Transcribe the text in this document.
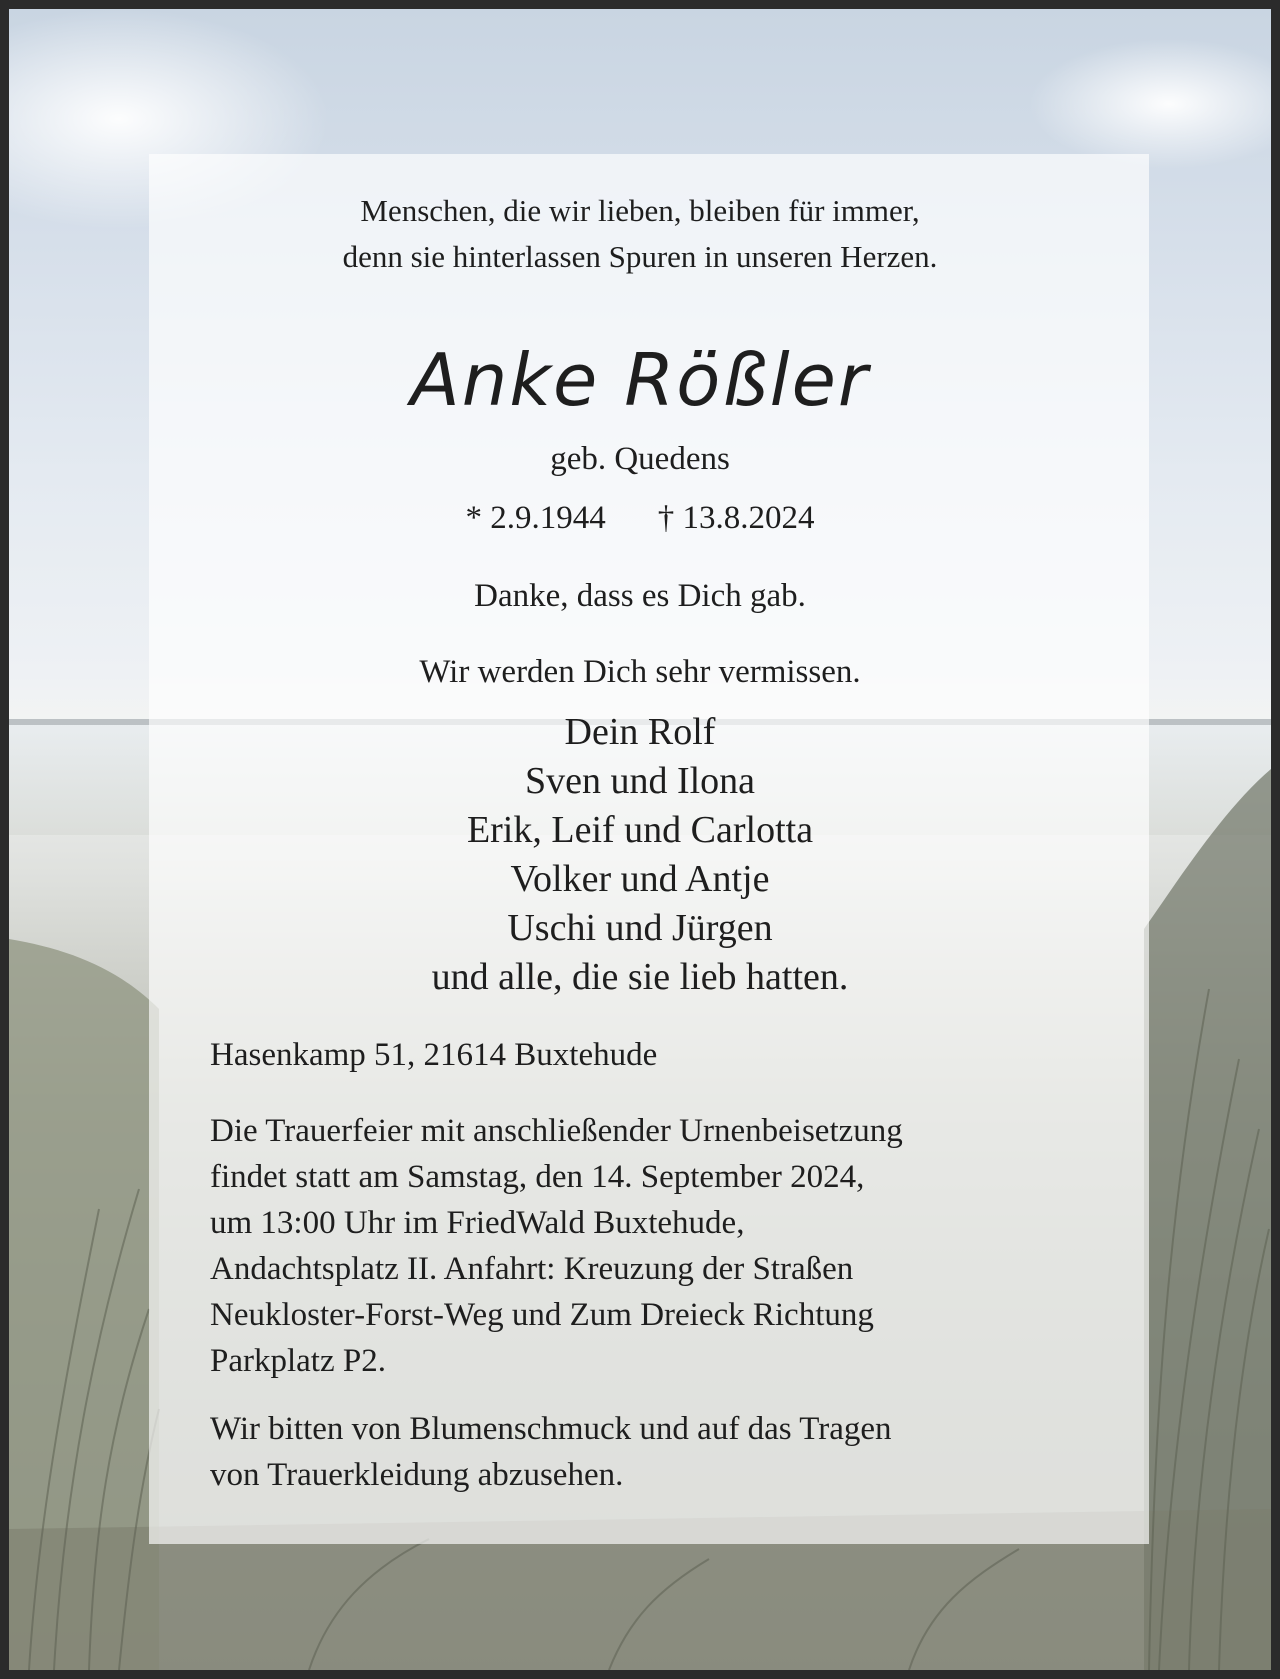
Menschen, die wir lieben, bleiben für immer,
denn sie hinterlassen Spuren in unseren Herzen.
Anke Rößler
geb. Quedens
* 2.9.1944 † 13.8.2024
Danke, dass es Dich gab.
Wir werden Dich sehr vermissen.
Dein Rolf
Sven und Ilona
Erik, Leif und Carlotta
Volker und Antje
Uschi und Jürgen
und alle, die sie lieb hatten.
Hasenkamp 51, 21614 Buxtehude
Die Trauerfeier mit anschließender Urnenbeisetzung
findet statt am Samstag, den 14. September 2024,
um 13:00 Uhr im FriedWald Buxtehude,
Andachtsplatz II. Anfahrt: Kreuzung der Straßen
Neukloster-Forst-Weg und Zum Dreieck Richtung
Parkplatz P2.
Wir bitten von Blumenschmuck und auf das Tragen
von Trauerkleidung abzusehen.
